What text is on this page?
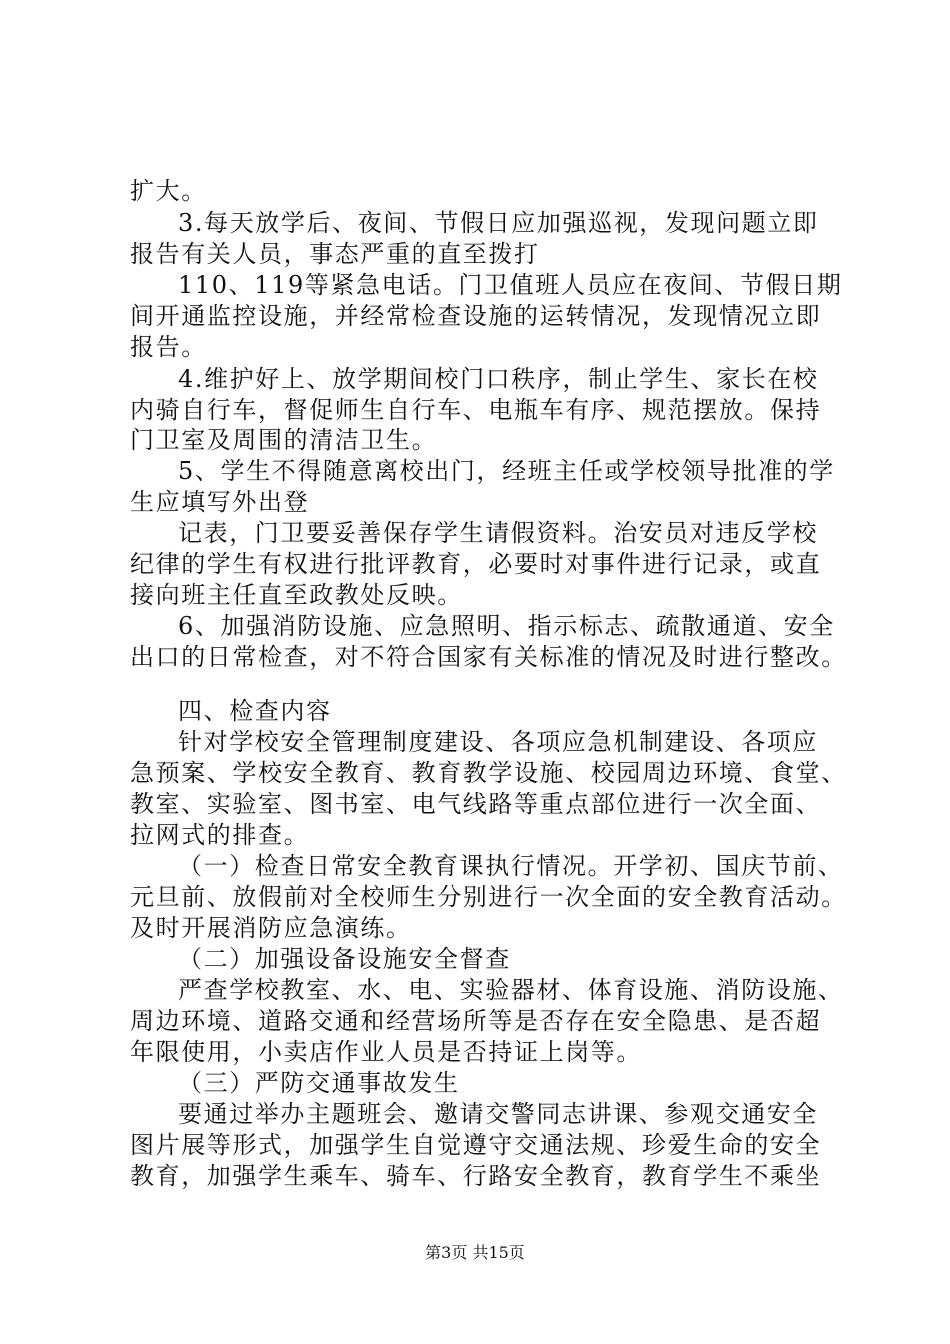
扩大。
3.每天放学后、夜间、节假日应加强巡视，发现问题立即
报告有关人员，事态严重的直至拨打
110、119等紧急电话。门卫值班人员应在夜间、节假日期
间开通监控设施，并经常检查设施的运转情况，发现情况立即
报告。
4.维护好上、放学期间校门口秩序，制止学生、家长在校
内骑自行车，督促师生自行车、电瓶车有序、规范摆放。保持
门卫室及周围的清洁卫生。
5、学生不得随意离校出门，经班主任或学校领导批准的学
生应填写外出登
记表，门卫要妥善保存学生请假资料。治安员对违反学校
纪律的学生有权进行批评教育，必要时对事件进行记录，或直
接向班主任直至政教处反映。
6、加强消防设施、应急照明、指示标志、疏散通道、安全
出口的日常检查，对不符合国家有关标准的情况及时进行整改。
四、检查内容
针对学校安全管理制度建设、各项应急机制建设、各项应
急预案、学校安全教育、教育教学设施、校园周边环境、食堂、
教室、实验室、图书室、电气线路等重点部位进行一次全面、
拉网式的排查。
（一）检查日常安全教育课执行情况。开学初、国庆节前、
元旦前、放假前对全校师生分别进行一次全面的安全教育活动。
及时开展消防应急演练。
（二）加强设备设施安全督查
严查学校教室、水、电、实验器材、体育设施、消防设施、
周边环境、道路交通和经营场所等是否存在安全隐患、是否超
年限使用，小卖店作业人员是否持证上岗等。
（三）严防交通事故发生
要通过举办主题班会、邀请交警同志讲课、参观交通安全
图片展等形式，加强学生自觉遵守交通法规、珍爱生命的安全
教育，加强学生乘车、骑车、行路安全教育，教育学生不乘坐
第3页 共15页
